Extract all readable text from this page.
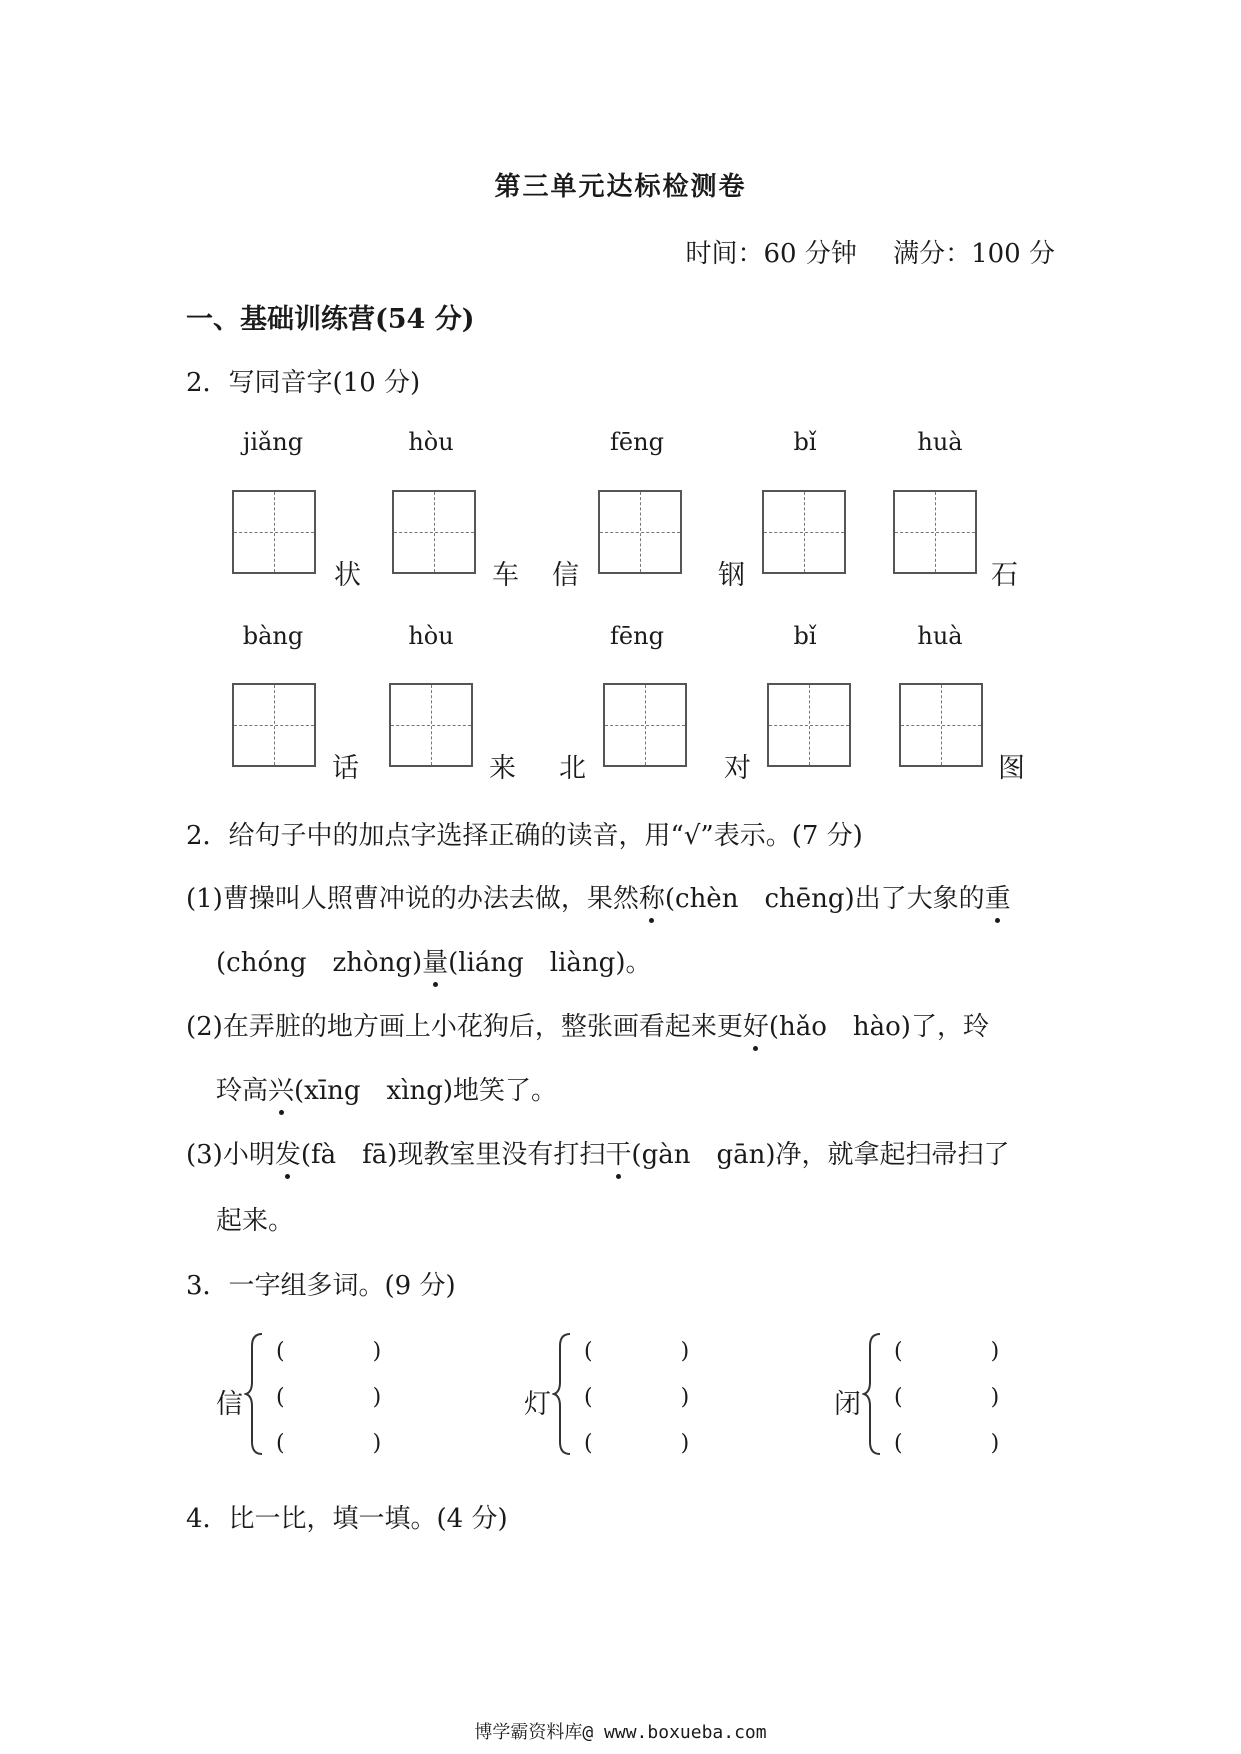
第三单元达标检测卷
时间：60 分钟 满分：100 分
一、基础训练营(54 分)
2．写同音字(10 分)
jiǎng	hòu	fēng	bǐ	huà
状	车 信	钢	石
bàng	hòu	fēng	bǐ	huà
话	来 北	对	图
2．给句子中的加点字选择正确的读音，用“√”表示。(7 分)
(1)曹操叫人照曹冲说的办法去做，果然称(chèn　chēng)出了大象的重
(chóng　zhòng)量(liáng　liàng)。
(2)在弄脏的地方画上小花狗后，整张画看起来更好(hǎo　hào)了，玲
玲高兴(xīng　xìng)地笑了。
(3)小明发(fà　fā)现教室里没有打扫干(gàn　gān)净，就拿起扫帚扫了
起来。
3．一字组多词。(9 分)
信
(　　　　)
(　　　　)
(　　　　)
灯
(　　　　)
(　　　　)
(　　　　)
闭
(　　　　)
(　　　　)
(　　　　)
4．比一比，填一填。(4 分)
博学霸资料库@ www.boxueba.com
